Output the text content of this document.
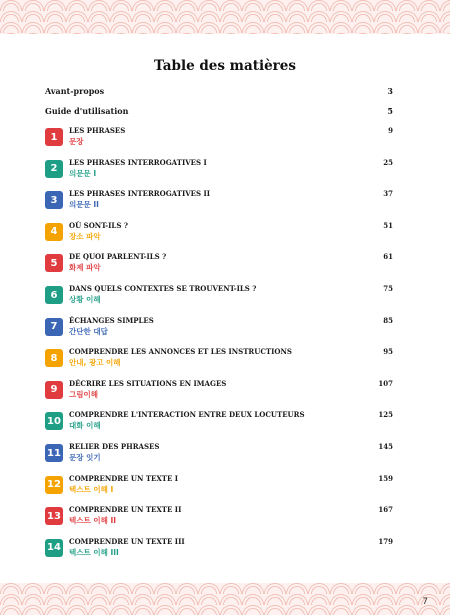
Table des matières
Avant-propos	3
Guide d'utilisation	5
1
LES PHRASES
문장
9
2
LES PHRASES INTERROGATIVES I
의문문 I
25
3
LES PHRASES INTERROGATIVES II
의문문 II
37
4
OÙ SONT-ILS ?
장소 파악
51
5
DE QUOI PARLENT-ILS ?
화제 파악
61
6
DANS QUELS CONTEXTES SE TROUVENT-ILS ?
상황 이해
75
7
ÉCHANGES SIMPLES
간단한 대답
85
8
COMPRENDRE LES ANNONCES ET LES INSTRUCTIONS
안내, 광고 이해
95
9
DÉCRIRE LES SITUATIONS EN IMAGES
그림이해
107
10
COMPRENDRE L'INTERACTION ENTRE DEUX LOCUTEURS
대화 이해
125
11
RELIER DES PHRASES
문장 잇기
145
12
COMPRENDRE UN TEXTE I
텍스트 이해 I
159
13
COMPRENDRE UN TEXTE II
텍스트 이해 II
167
14
COMPRENDRE UN TEXTE III
텍스트 이해 III
179
7
